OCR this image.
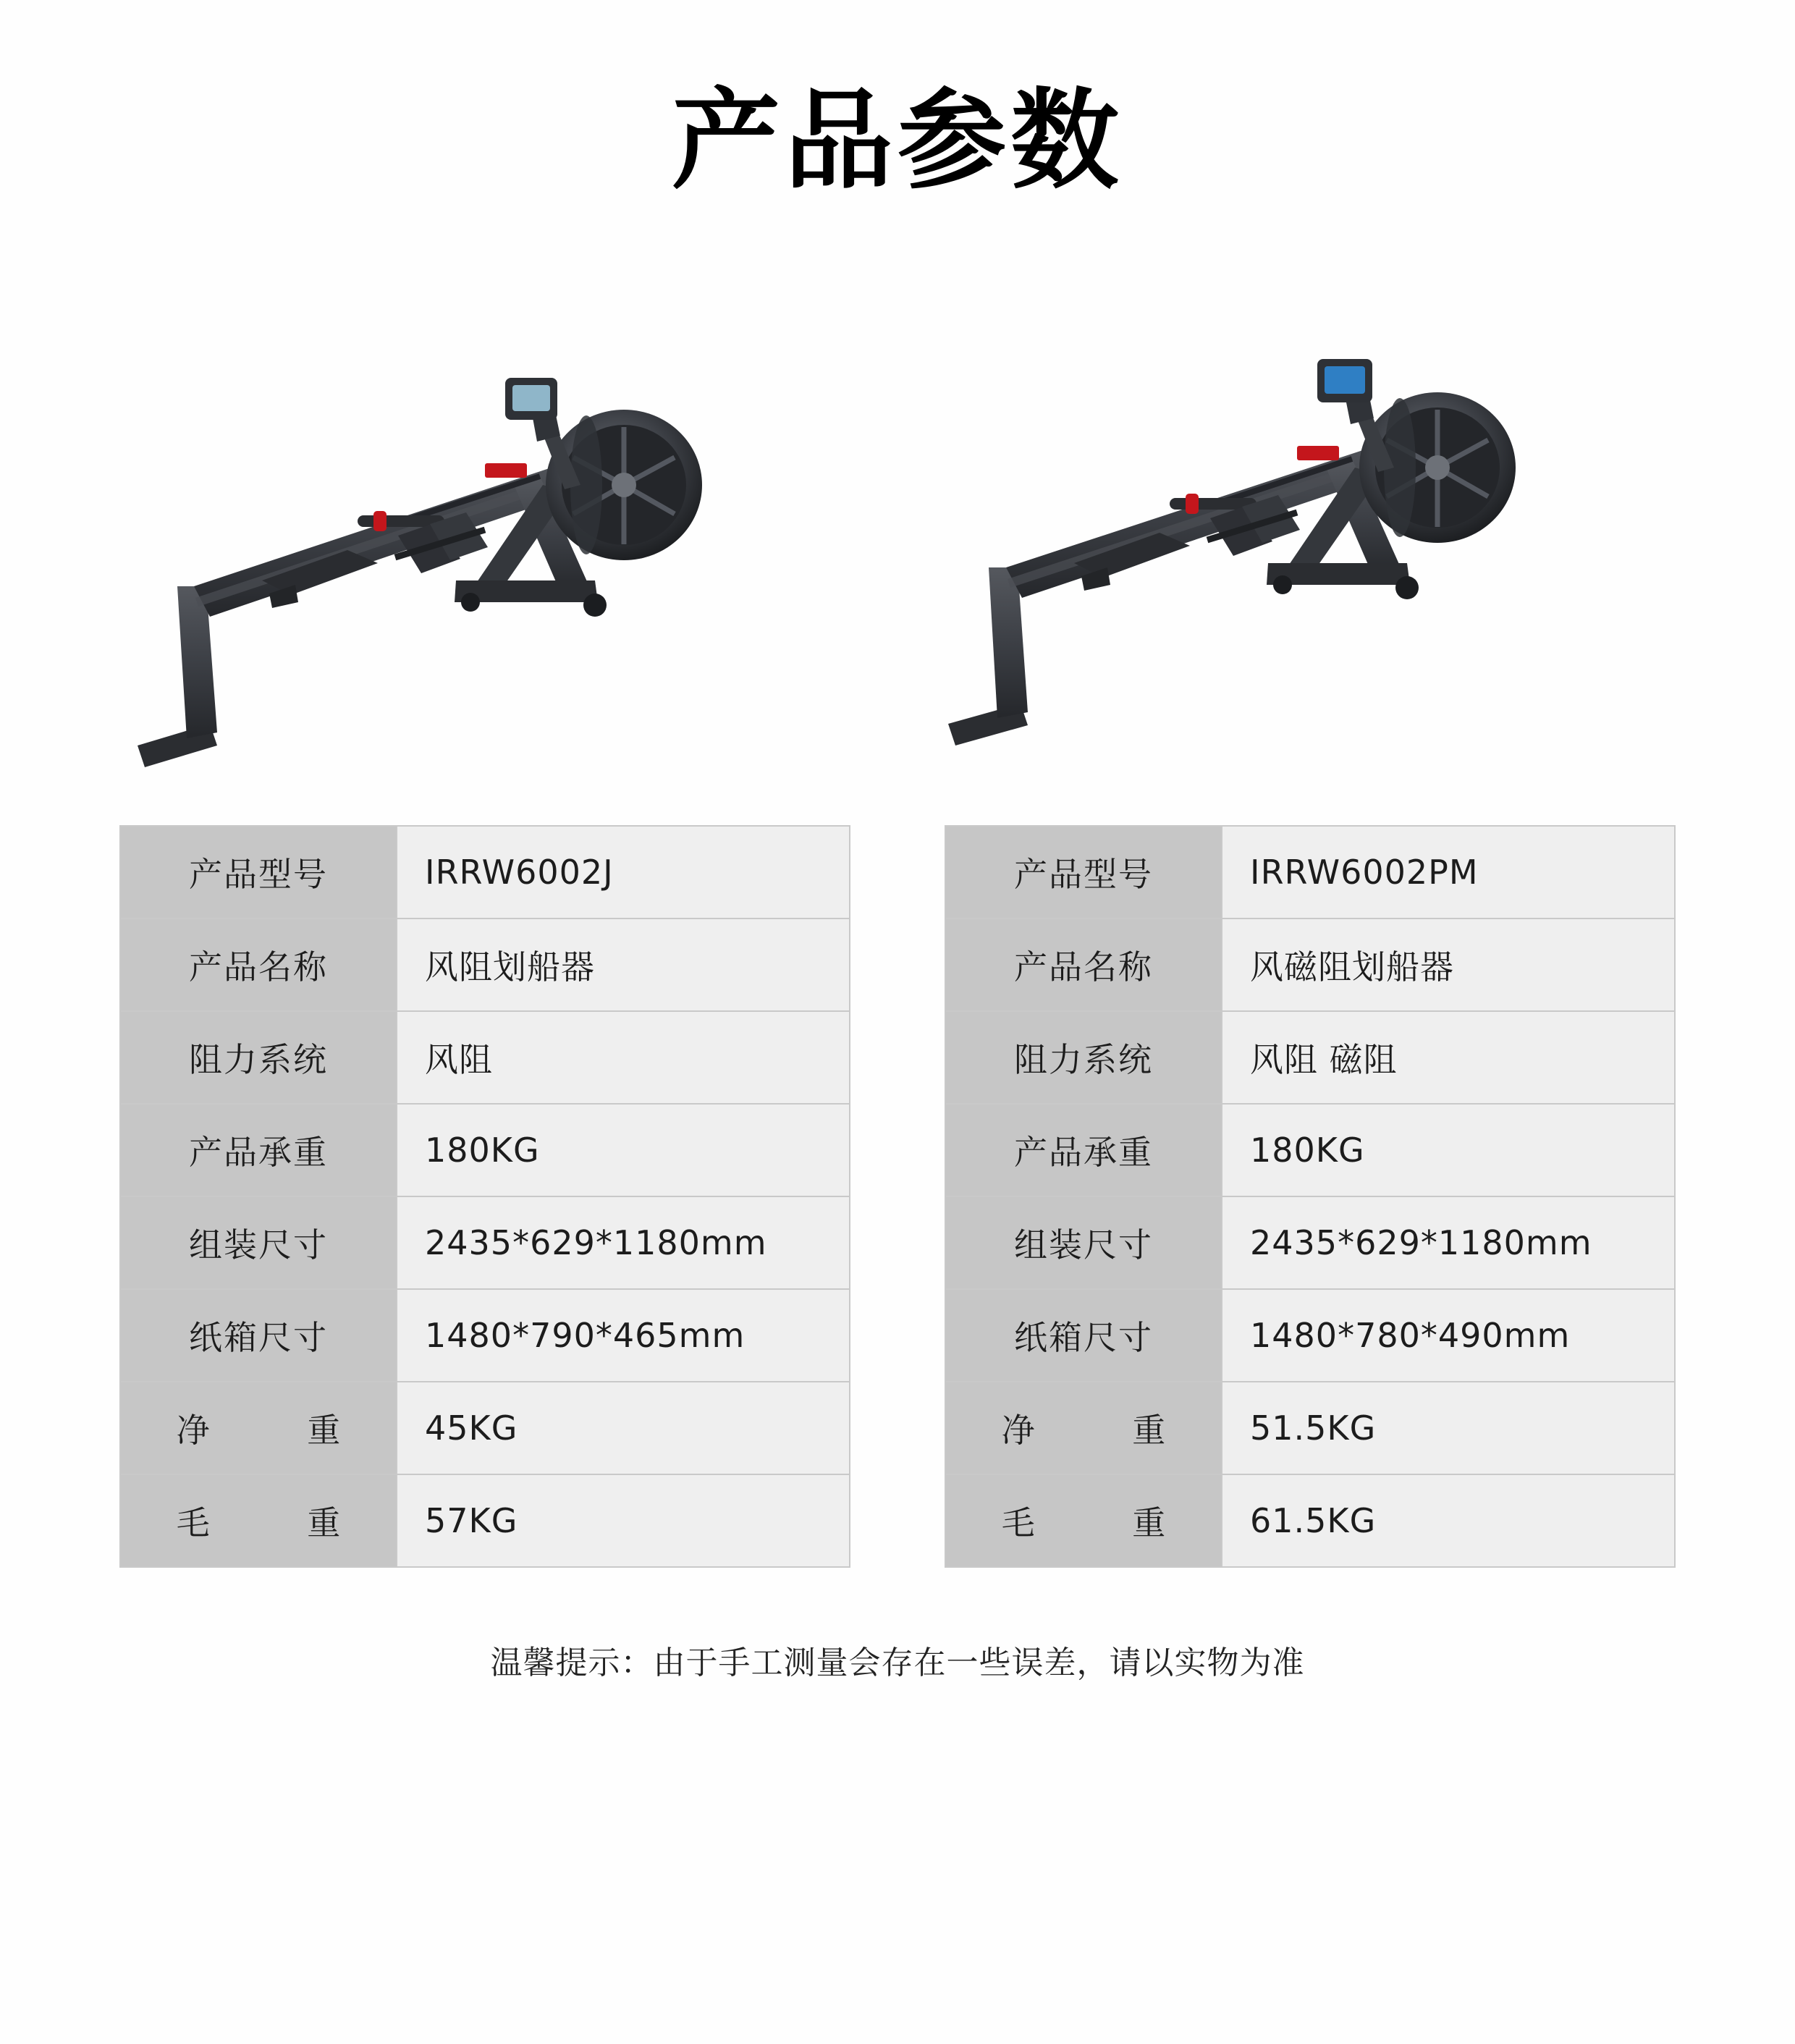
产品参数
产品型号	IRRW6002J
产品名称	风阻划船器
阻力系统	风阻
产品承重	180KG
组装尺寸	2435*629*1180mm
纸箱尺寸	1480*790*465mm
净 重	45KG
毛 重	57KG
产品型号	IRRW6002PM
产品名称	风磁阻划船器
阻力系统	风阻 磁阻
产品承重	180KG
组装尺寸	2435*629*1180mm
纸箱尺寸	1480*780*490mm
净 重	51.5KG
毛 重	61.5KG
温馨提示：由于手工测量会存在一些误差，请以实物为准
